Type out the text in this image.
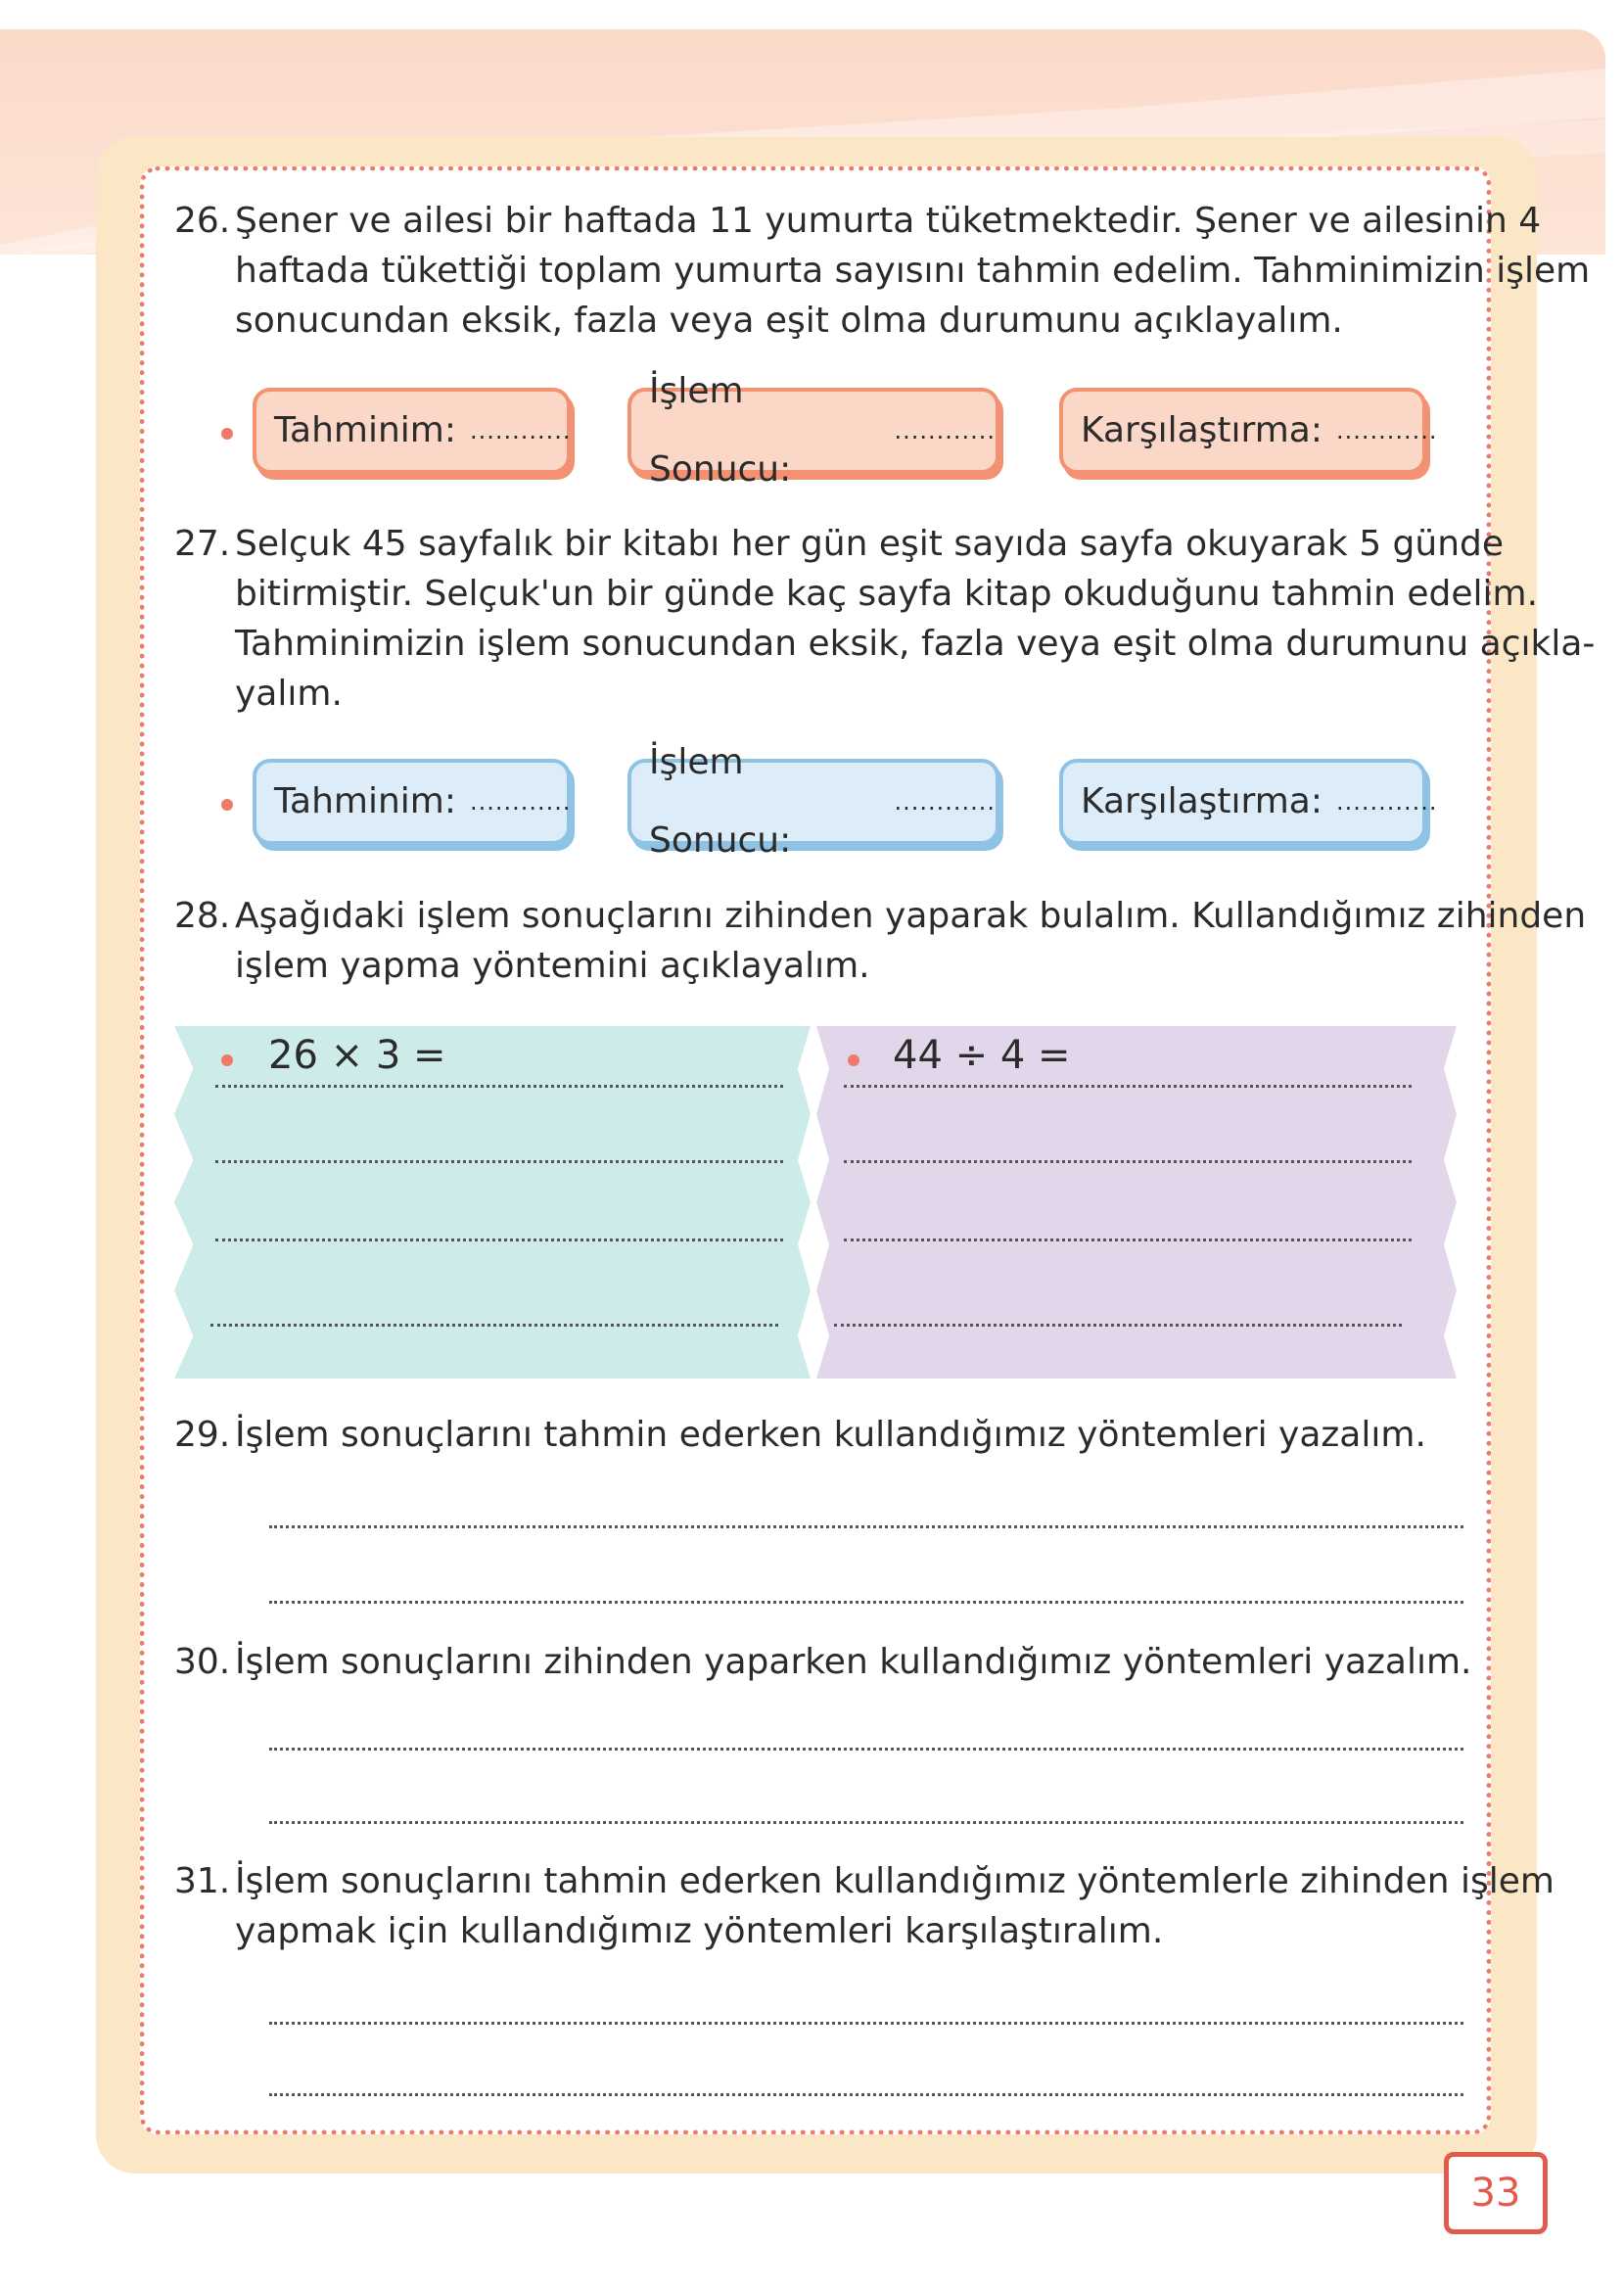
26. Şener ve ailesi bir haftada 11 yumurta tüketmektedir. Şener ve ailesinin 4
haftada tükettiği toplam yumurta sayısını tahmin edelim. Tahminimizin işlem
sonucundan eksik, fazla veya eşit olma durumunu açıklayalım.
Tahminim: ............
İşlem Sonucu:
............ Karşılaştırma: ............
27. Selçuk 45 sayfalık bir kitabı her gün eşit sayıda sayfa okuyarak 5 günde
bitirmiştir. Selçuk'un bir günde kaç sayfa kitap okuduğunu tahmin edelim.
Tahminimizin işlem sonucundan eksik, fazla veya eşit olma durumunu açıkla-
yalım.
Tahminim: ............
İşlem Sonucu:
............ Karşılaştırma: ............
28. Aşağıdaki işlem sonuçlarını zihinden yaparak bulalım. Kullandığımız zihinden
işlem yapma yöntemini açıklayalım.
26 × 3 =	44 ÷ 4 =
29. İşlem sonuçlarını tahmin ederken kullandığımız yöntemleri yazalım.
30. İşlem sonuçlarını zihinden yaparken kullandığımız yöntemleri yazalım.
31. İşlem sonuçlarını tahmin ederken kullandığımız yöntemlerle zihinden işlem
yapmak için kullandığımız yöntemleri karşılaştıralım.
33
